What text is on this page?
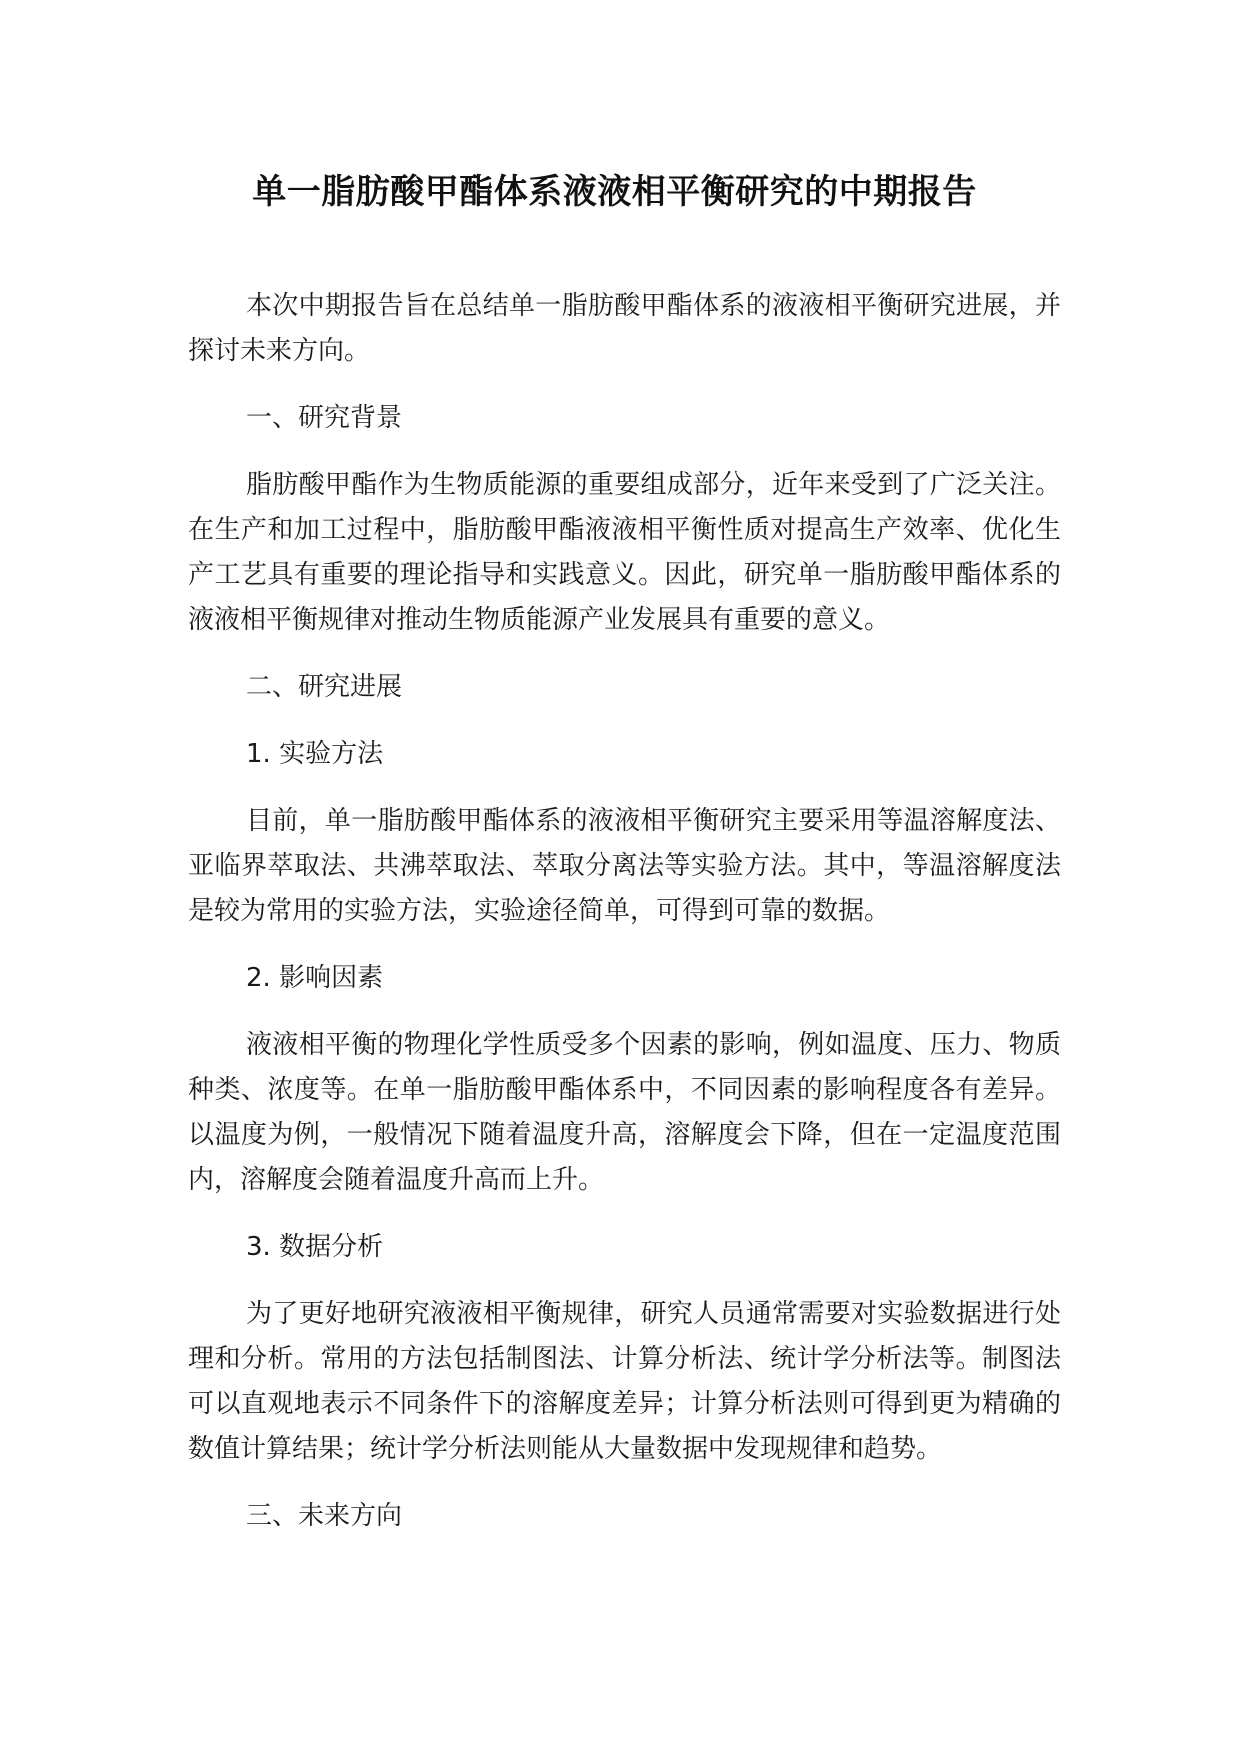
单一脂肪酸甲酯体系液液相平衡研究的中期报告

本次中期报告旨在总结单一脂肪酸甲酯体系的液液相平衡研究进展，并探讨未来方向。

一、研究背景

脂肪酸甲酯作为生物质能源的重要组成部分，近年来受到了广泛关注。在生产和加工过程中，脂肪酸甲酯液液相平衡性质对提高生产效率、优化生产工艺具有重要的理论指导和实践意义。因此，研究单一脂肪酸甲酯体系的液液相平衡规律对推动生物质能源产业发展具有重要的意义。

二、研究进展

1. 实验方法

目前，单一脂肪酸甲酯体系的液液相平衡研究主要采用等温溶解度法、亚临界萃取法、共沸萃取法、萃取分离法等实验方法。其中，等温溶解度法是较为常用的实验方法，实验途径简单，可得到可靠的数据。

2. 影响因素

液液相平衡的物理化学性质受多个因素的影响，例如温度、压力、物质种类、浓度等。在单一脂肪酸甲酯体系中，不同因素的影响程度各有差异。以温度为例，一般情况下随着温度升高，溶解度会下降，但在一定温度范围内，溶解度会随着温度升高而上升。

3. 数据分析

为了更好地研究液液相平衡规律，研究人员通常需要对实验数据进行处理和分析。常用的方法包括制图法、计算分析法、统计学分析法等。制图法可以直观地表示不同条件下的溶解度差异；计算分析法则可得到更为精确的数值计算结果；统计学分析法则能从大量数据中发现规律和趋势。

三、未来方向
